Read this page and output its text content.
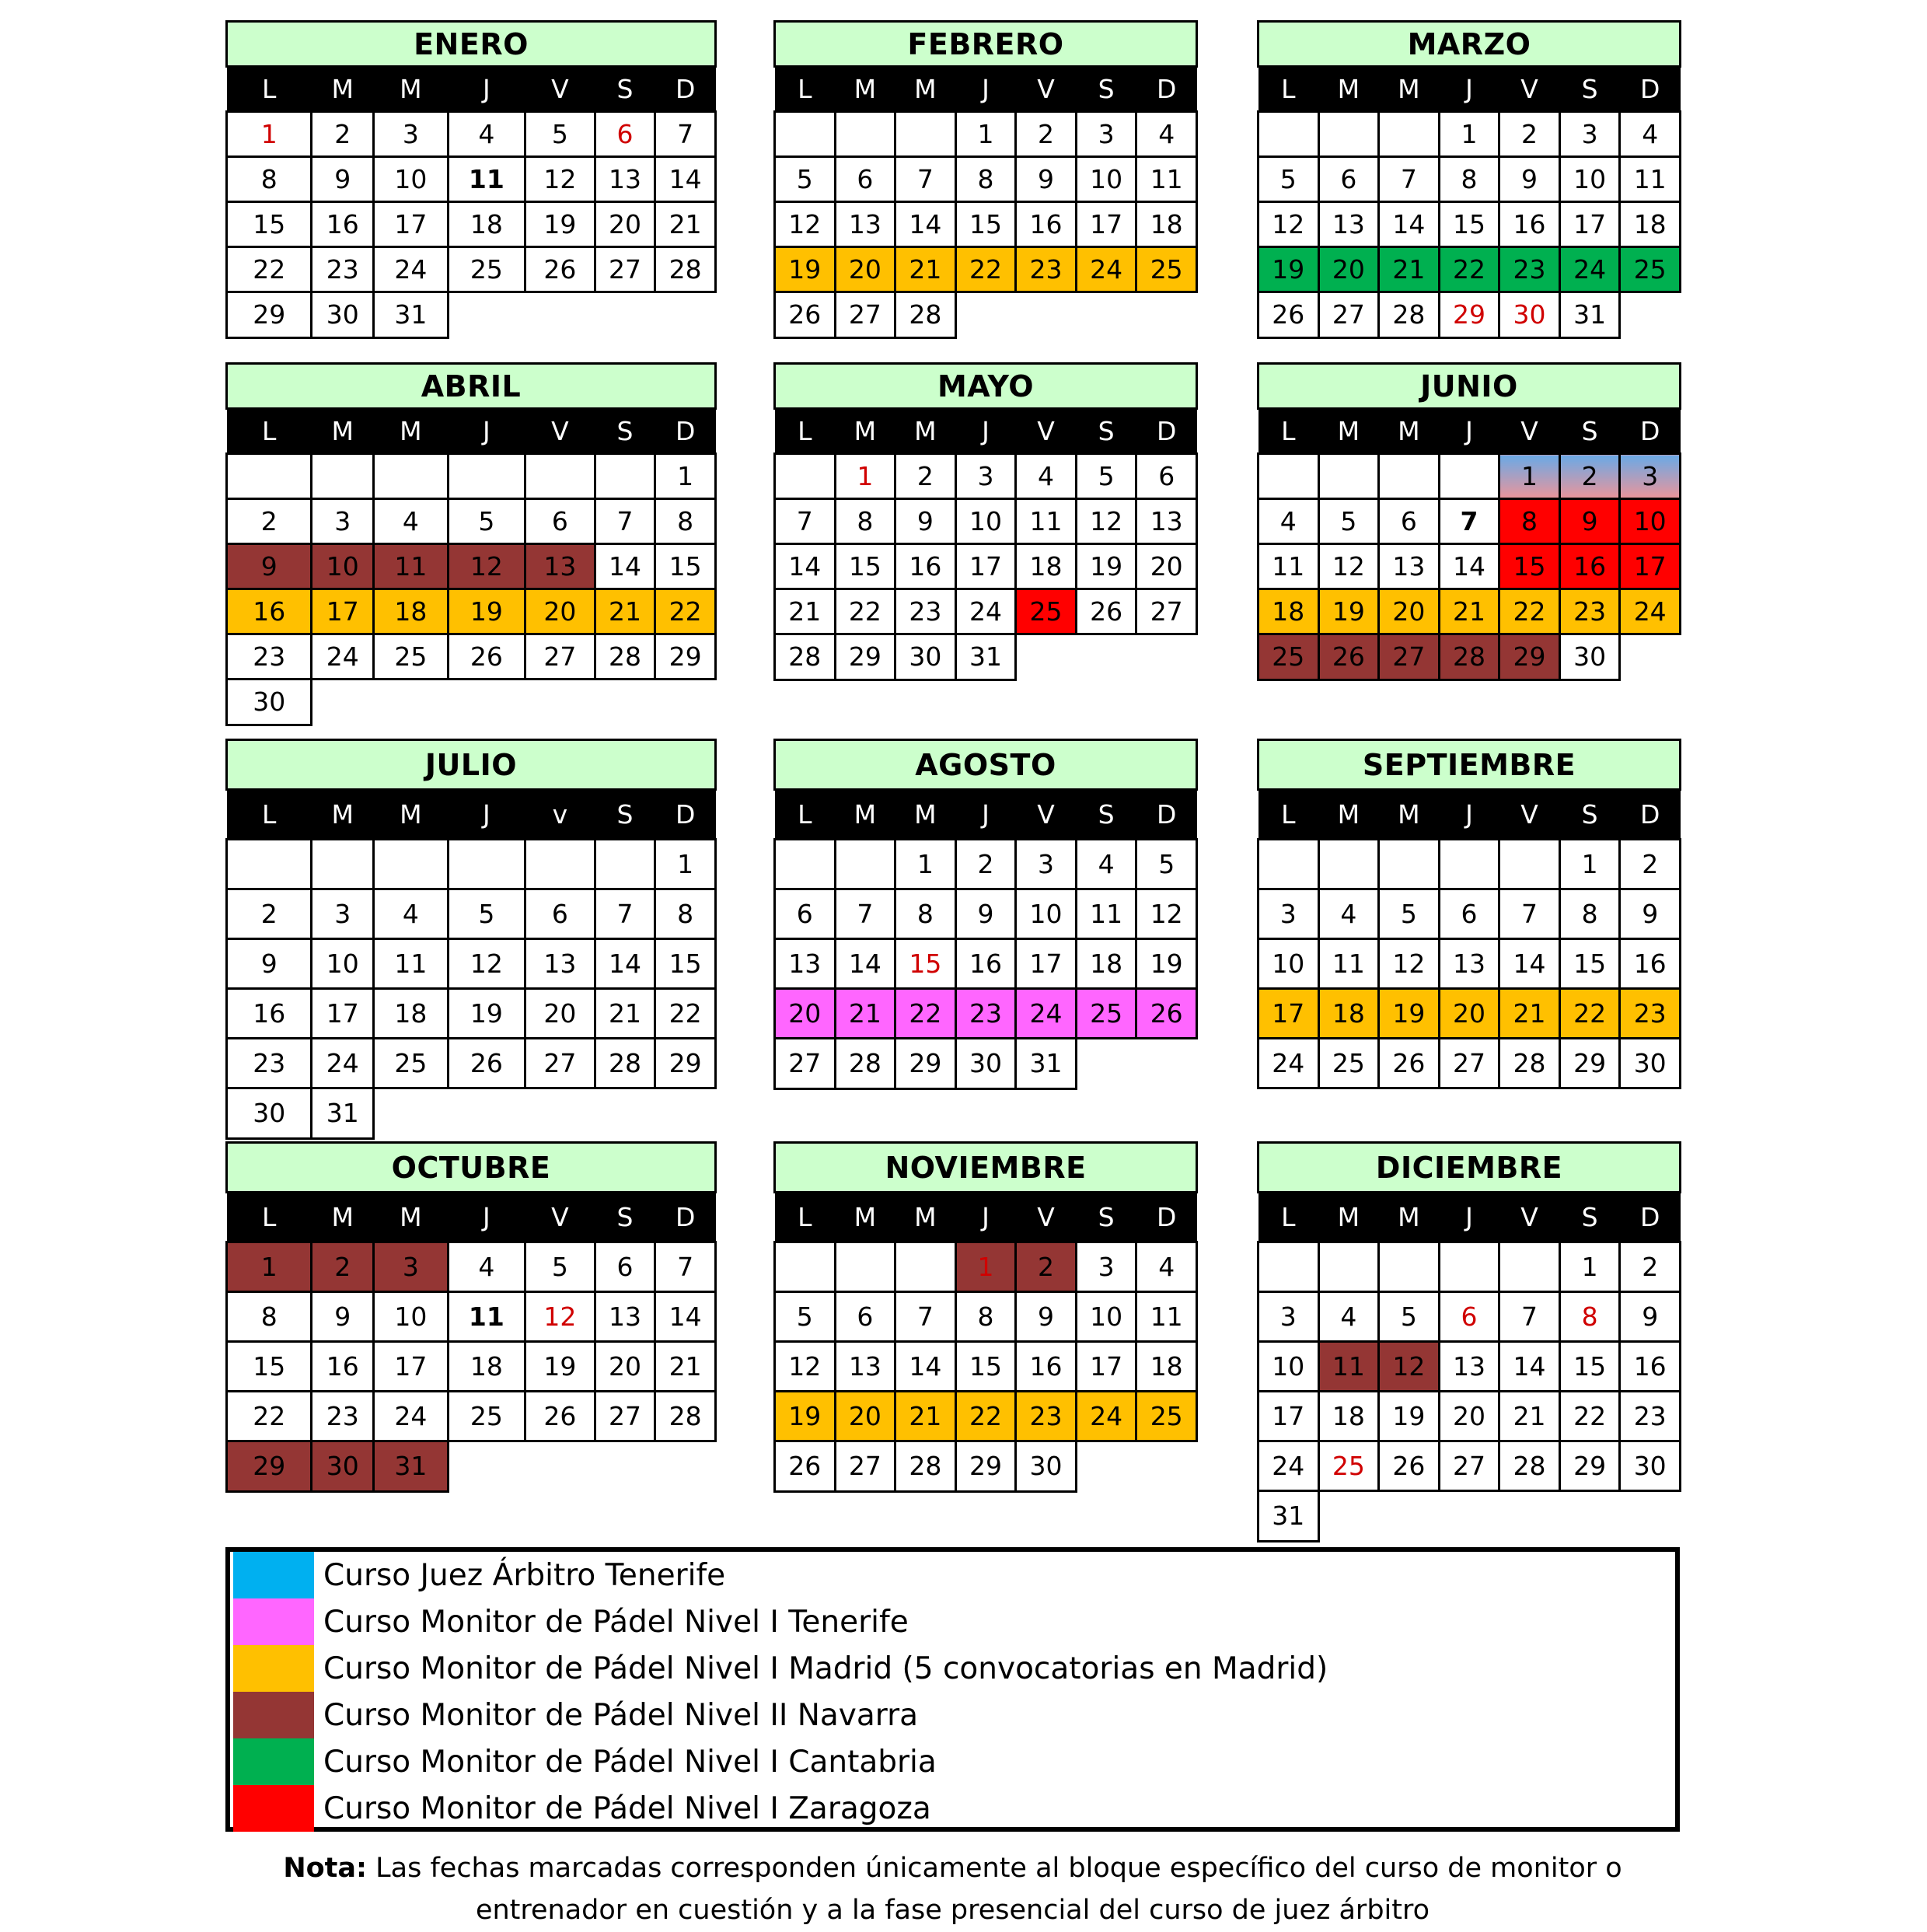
ENERO						
L	M	M	J	V	S	D
1	2	3	4	5	6	7
8	9	10	11	12	13	14
15	16	17	18	19	20	21
22	23	24	25	26	27	28
29	30	31				
FEBRERO						
L	M	M	J	V	S	D
			1	2	3	4
5	6	7	8	9	10	11
12	13	14	15	16	17	18
19	20	21	22	23	24	25
26	27	28				
MARZO						
L	M	M	J	V	S	D
			1	2	3	4
5	6	7	8	9	10	11
12	13	14	15	16	17	18
19	20	21	22	23	24	25
26	27	28	29	30	31	
ABRIL						
L	M	M	J	V	S	D
						1
2	3	4	5	6	7	8
9	10	11	12	13	14	15
16	17	18	19	20	21	22
23	24	25	26	27	28	29
30						
MAYO						
L	M	M	J	V	S	D
	1	2	3	4	5	6
7	8	9	10	11	12	13
14	15	16	17	18	19	20
21	22	23	24	25	26	27
28	29	30	31			
JUNIO						
L	M	M	J	V	S	D
				1	2	3
4	5	6	7	8	9	10
11	12	13	14	15	16	17
18	19	20	21	22	23	24
25	26	27	28	29	30	
JULIO						
L	M	M	J	v	S	D
						1
2	3	4	5	6	7	8
9	10	11	12	13	14	15
16	17	18	19	20	21	22
23	24	25	26	27	28	29
30	31					
AGOSTO						
L	M	M	J	V	S	D
		1	2	3	4	5
6	7	8	9	10	11	12
13	14	15	16	17	18	19
20	21	22	23	24	25	26
27	28	29	30	31		
SEPTIEMBRE						
L	M	M	J	V	S	D
					1	2
3	4	5	6	7	8	9
10	11	12	13	14	15	16
17	18	19	20	21	22	23
24	25	26	27	28	29	30
OCTUBRE						
L	M	M	J	V	S	D
1	2	3	4	5	6	7
8	9	10	11	12	13	14
15	16	17	18	19	20	21
22	23	24	25	26	27	28
29	30	31				
NOVIEMBRE						
L	M	M	J	V	S	D
			1	2	3	4
5	6	7	8	9	10	11
12	13	14	15	16	17	18
19	20	21	22	23	24	25
26	27	28	29	30		
DICIEMBRE						
L	M	M	J	V	S	D
					1	2
3	4	5	6	7	8	9
10	11	12	13	14	15	16
17	18	19	20	21	22	23
24	25	26	27	28	29	30
31						
Curso Juez Árbitro Tenerife
Curso Monitor de Pádel Nivel I Tenerife
Curso Monitor de Pádel Nivel I Madrid (5 convocatorias en Madrid)
Curso Monitor de Pádel Nivel II Navarra
Curso Monitor de Pádel Nivel I Cantabria
Curso Monitor de Pádel Nivel I Zaragoza
Nota: Las fechas marcadas corresponden únicamente al bloque específico del curso de monitor o
entrenador en cuestión y a la fase presencial del curso de juez árbitro
